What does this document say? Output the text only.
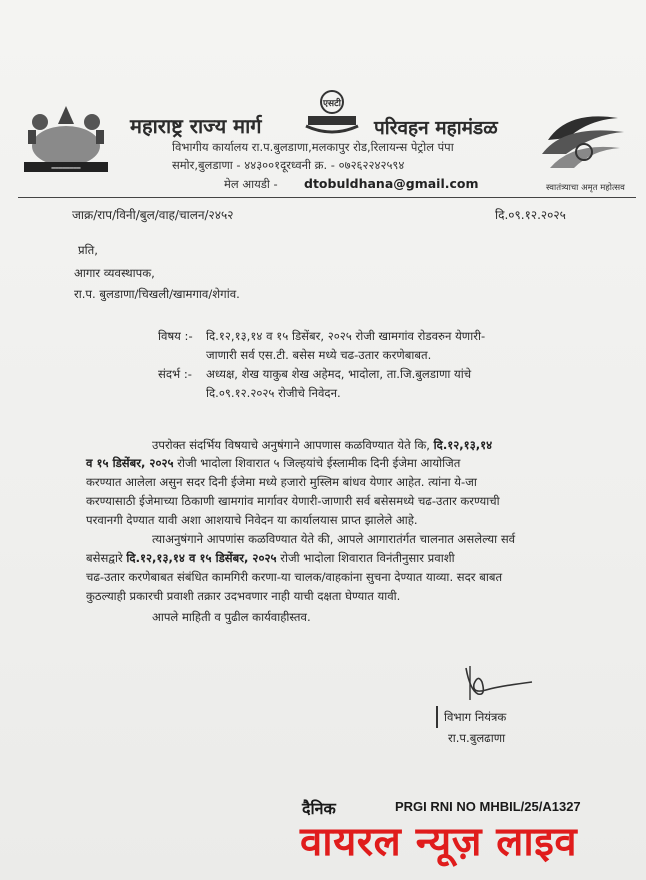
━━━━━━━━
एसटी
महाराष्ट्र राज्य मार्ग	परिवहन महामंडळ
विभागीय कार्यालय रा.प.बुलडाणा,मलकापुर रोड,रिलायन्स पेट्रोल पंपा
समोर,बुलडाणा - ४४३००१दूरध्वनी क्र. - ०७२६२२४२५९४
मेल आयडी - dtobuldhana@gmail.com	स्वातंत्र्याचा अमृत महोत्सव
जाक्र/राप/विनी/बुल/वाह/चालन/२४५२	दि.०९.१२.२०२५
प्रति,
आगार व्यवस्थापक,
रा.प. बुलडाणा/चिखली/खामगाव/शेगांव.
विषय :- दि.१२,१३,१४ व १५ डिसेंबर, २०२५ रोजी खामगांव रोडवरुन येणारी-
जाणारी सर्व एस.टी. बसेस मध्ये चढ-उतार करणेबाबत.
संदर्भ :- अध्यक्ष, शेख याकुब शेख अहेमद, भादोला, ता.जि.बुलडाणा यांचे
दि.०९.१२.२०२५ रोजीचे निवेदन.
उपरोक्त संदर्भिय विषयाचे अनुषंगाने आपणास कळविण्यात येते कि, दि.१२,१३,१४
व १५ डिसेंबर, २०२५ रोजी भादोला शिवारात ५ जिल्हयांचे ईस्लामीक दिनी ईजेमा आयोजित
करण्यात आलेला असुन सदर दिनी ईजेमा मध्ये हजारो मुस्लिम बांधव येणार आहेत. त्यांना ये-जा
करण्यासाठी ईजेमाच्या ठिकाणी खामगांव मार्गावर येणारी-जाणारी सर्व बसेसमध्ये चढ-उतार करण्याची
परवानगी देण्यात यावी अशा आशयाचे निवेदन या कार्यालयास प्राप्त झालेले आहे.
त्याअनुषंगाने आपणांस कळविण्यात येते की, आपले आगारातंर्गत चालनात असलेल्या सर्व
बसेसद्वारे दि.१२,१३,१४ व १५ डिसेंबर, २०२५ रोजी भादोला शिवारात विनंतीनुसार प्रवाशी
चढ-उतार करणेबाबत संबंधित कामगिरी करणा-या चालक/वाहकांना सुचना देण्यात याव्या. सदर बाबत
कुठल्याही प्रकारची प्रवाशी तक्रार उदभवणार नाही याची दक्षता घेण्यात यावी.
आपले माहिती व पुढील कार्यवाहीस्तव.
विभाग नियंत्रक
रा.प.बुलढाणा
दैनिक	PRGI RNI NO MHBIL/25/A1327
वायरल न्यूज़ लाइव
